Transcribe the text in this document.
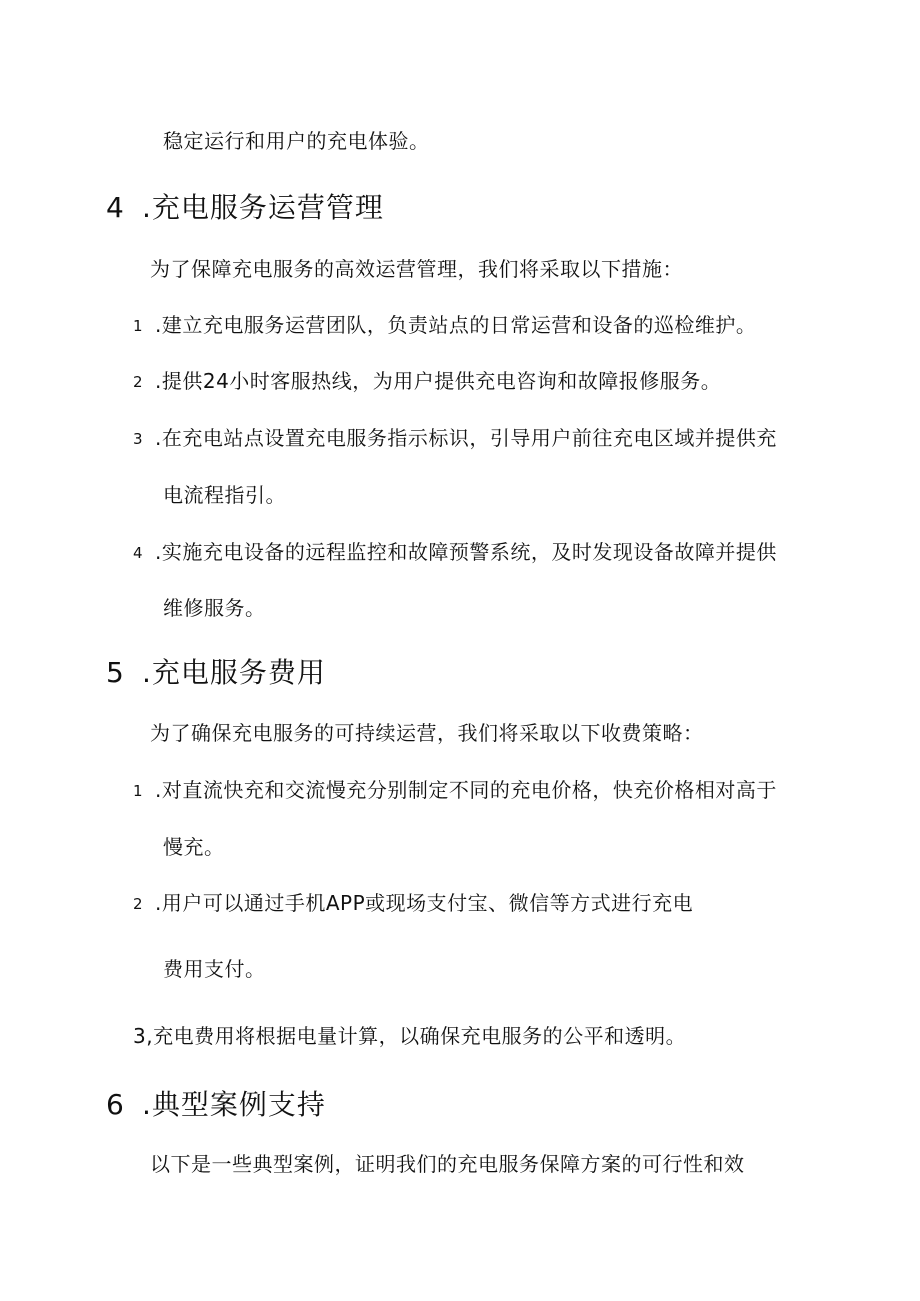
稳定运行和用户的充电体验。
4 .充电服务运营管理
为了保障充电服务的高效运营管理，我们将采取以下措施：
1 .建立充电服务运营团队，负责站点的日常运营和设备的巡检维护。
2 .提供24小时客服热线，为用户提供充电咨询和故障报修服务。
3 .在充电站点设置充电服务指示标识，引导用户前往充电区域并提供充
电流程指引。
4 .实施充电设备的远程监控和故障预警系统，及时发现设备故障并提供
维修服务。
5 .充电服务费用
为了确保充电服务的可持续运营，我们将采取以下收费策略：
1 .对直流快充和交流慢充分别制定不同的充电价格，快充价格相对高于
慢充。
2 .用户可以通过手机APP或现场支付宝、微信等方式进行充电
费用支付。
3,充电费用将根据电量计算，以确保充电服务的公平和透明。
6 .典型案例支持
以下是一些典型案例，证明我们的充电服务保障方案的可行性和效
